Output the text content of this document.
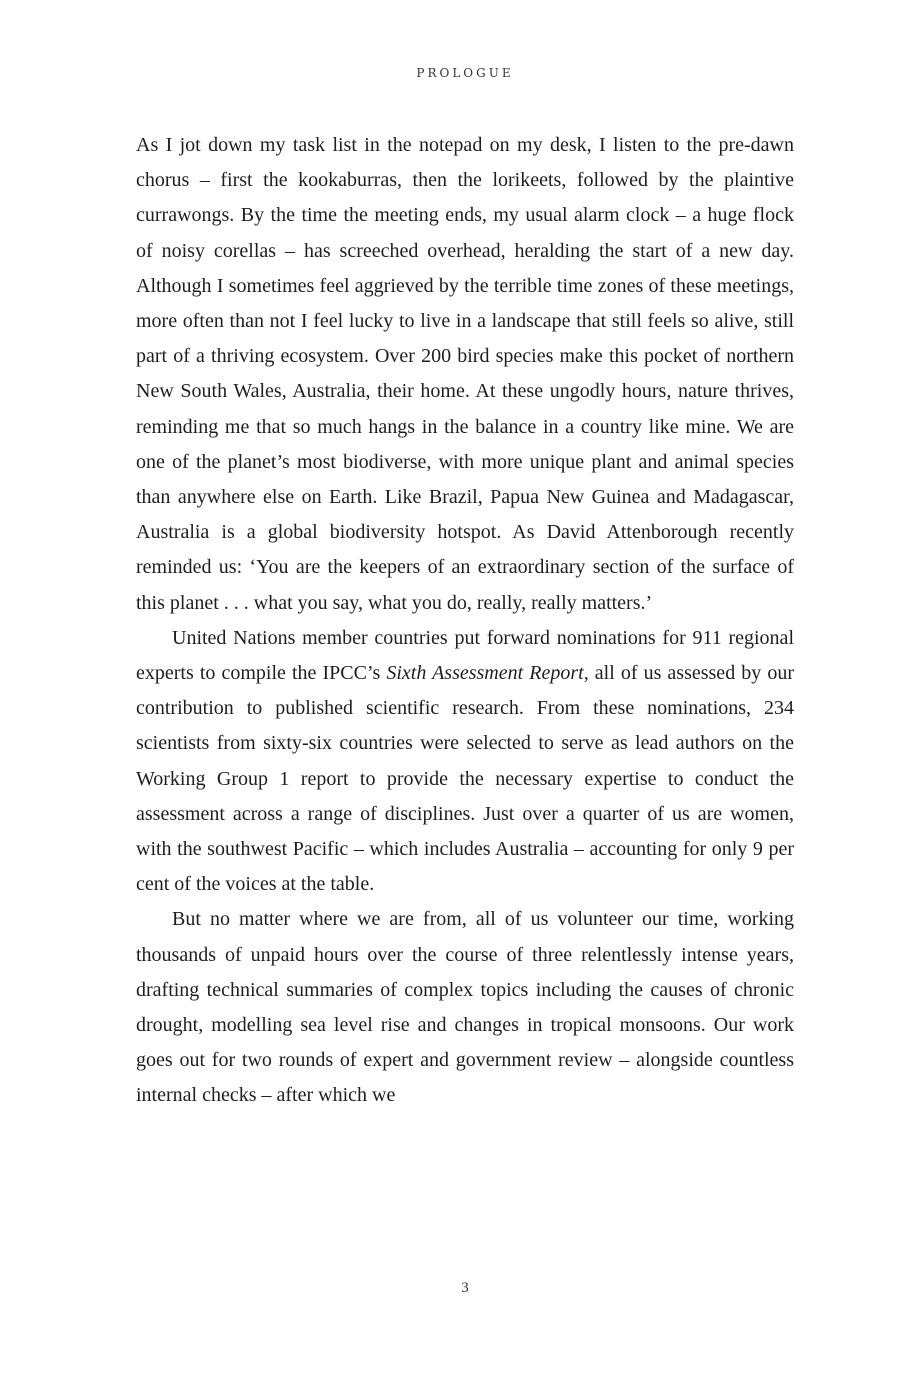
PROLOGUE

As I jot down my task list in the notepad on my desk, I listen to the pre-dawn chorus – first the kookaburras, then the lorikeets, followed by the plaintive currawongs. By the time the meeting ends, my usual alarm clock – a huge flock of noisy corellas – has screeched overhead, heralding the start of a new day. Although I sometimes feel aggrieved by the terrible time zones of these meetings, more often than not I feel lucky to live in a landscape that still feels so alive, still part of a thriving ecosystem. Over 200 bird species make this pocket of northern New South Wales, Australia, their home. At these ungodly hours, nature thrives, reminding me that so much hangs in the balance in a country like mine. We are one of the planet’s most biodiverse, with more unique plant and animal species than anywhere else on Earth. Like Brazil, Papua New Guinea and Madagascar, Australia is a global biodiversity hotspot. As David Attenborough recently reminded us: ‘You are the keepers of an extraordinary section of the surface of this planet . . . what you say, what you do, really, really matters.’

United Nations member countries put forward nominations for 911 regional experts to compile the IPCC’s Sixth Assessment Report, all of us assessed by our contribution to published scientific research. From these nominations, 234 scientists from sixty-six countries were selected to serve as lead authors on the Working Group 1 report to provide the necessary expertise to conduct the assessment across a range of disciplines. Just over a quarter of us are women, with the southwest Pacific – which includes Australia – accounting for only 9 per cent of the voices at the table.

But no matter where we are from, all of us volunteer our time, working thousands of unpaid hours over the course of three relentlessly intense years, drafting technical summaries of complex topics including the causes of chronic drought, modelling sea level rise and changes in tropical monsoons. Our work goes out for two rounds of expert and government review – alongside countless internal checks – after which we

3
